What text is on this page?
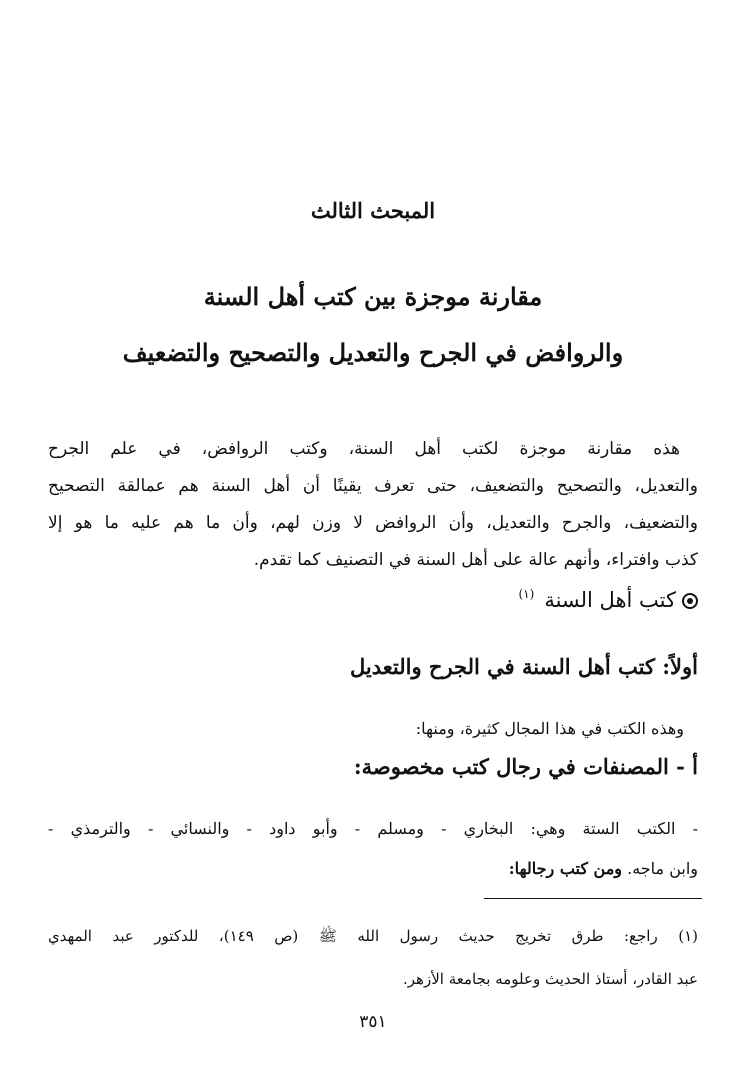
المبحث الثالث
مقارنة موجزة بين كتب أهل السنة
والروافض في الجرح والتعديل والتصحيح والتضعيف

هذه مقارنة موجزة لكتب أهل السنة، وكتب الروافض، في علم الجرح

والتعديل، والتصحيح والتضعيف، حتى تعرف يقينًا أن أهل السنة هم عمالقة التصحيح

والتضعيف، والجرح والتعديل، وأن الروافض لا وزن لهم، وأن ما هم عليه ما هو إلا

كذب وافتراء، وأنهم عالة على أهل السنة في التصنيف كما تقدم.

كتب أهل السنة
(١)
أولاً: كتب أهل السنة في الجرح والتعديل

وهذه الكتب في هذا المجال كثيرة، ومنها:

أ - المصنفات في رجال كتب مخصوصة:

- الكتب الستة وهي: البخاري - ومسلم - وأبو داود - والنسائي - والترمذي -

وابن ماجه. ومن كتب رجالها:

(١) راجع: طرق تخريج حديث رسول الله ﷺ (ص ١٤٩)، للدكتور عبد المهدي

عبد القادر، أستاذ الحديث وعلومه بجامعة الأزهر.

٣٥١
